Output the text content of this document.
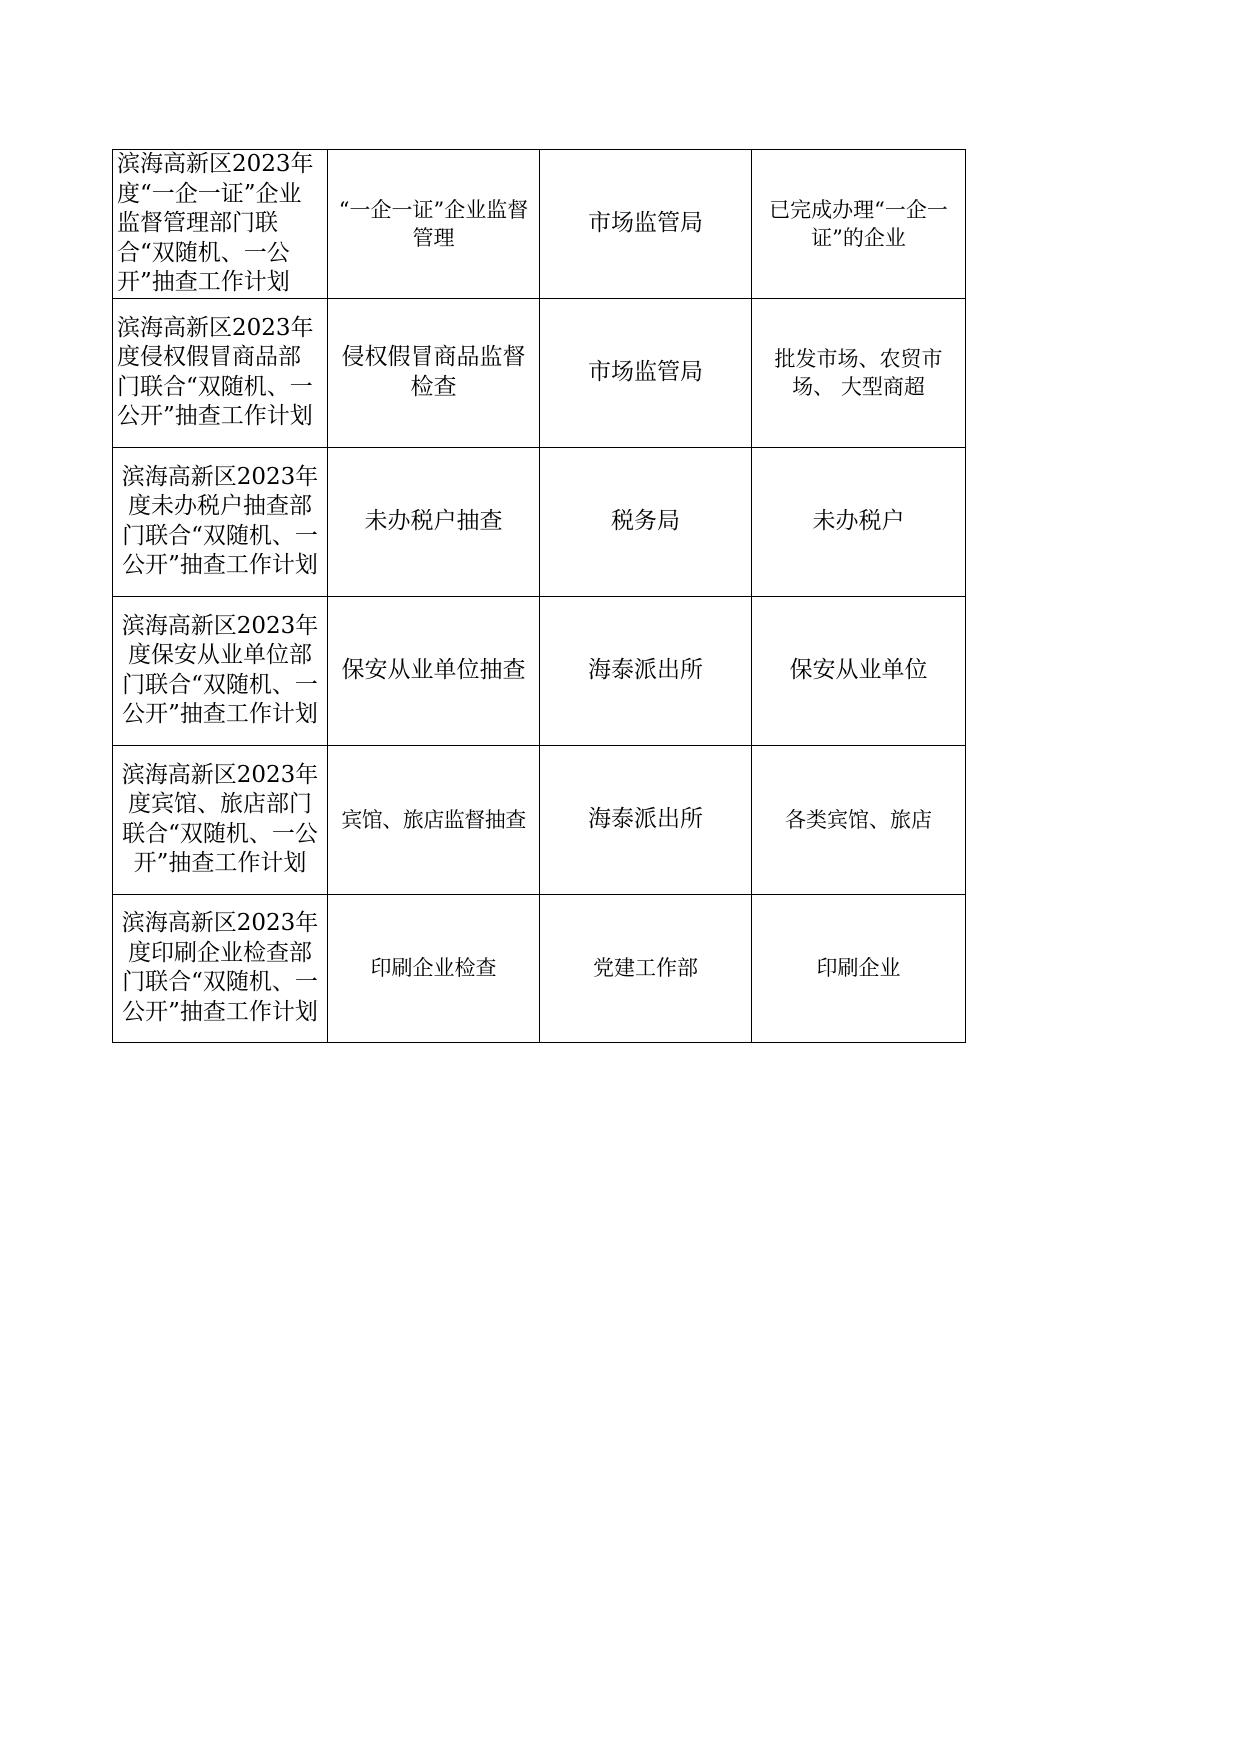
滨海高新区2023年度“一企一证”企业监督管理部门联合“双随机、一公开”抽查工作计划	“一企一证”企业监督管理	市场监管局	已完成办理“一企一证”的企业
滨海高新区2023年度侵权假冒商品部门联合“双随机、一公开”抽查工作计划	侵权假冒商品监督检查	市场监管局	批发市场、农贸市场、 大型商超
滨海高新区2023年度未办税户抽查部门联合“双随机、一公开”抽查工作计划	未办税户抽查	税务局	未办税户
滨海高新区2023年度保安从业单位部门联合“双随机、一公开”抽查工作计划	保安从业单位抽查	海泰派出所	保安从业单位
滨海高新区2023年度宾馆、旅店部门联合“双随机、一公开”抽查工作计划	宾馆、旅店监督抽查	海泰派出所	各类宾馆、旅店
滨海高新区2023年度印刷企业检查部门联合“双随机、一公开”抽查工作计划	印刷企业检查	党建工作部	印刷企业
